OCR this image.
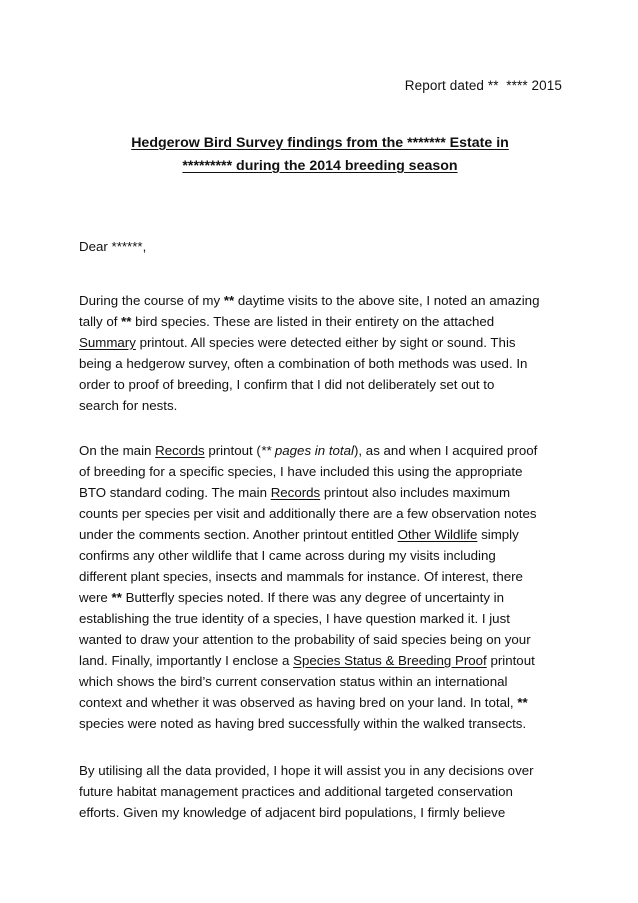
Report dated **  **** 2015
Hedgerow Bird Survey findings from the ******* Estate in
********* during the 2014 breeding season
Dear ******,
During the course of my ** daytime visits to the above site, I noted an amazing
tally of ** bird species. These are listed in their entirety on the attached
Summary printout. All species were detected either by sight or sound. This
being a hedgerow survey, often a combination of both methods was used. In
order to proof of breeding, I confirm that I did not deliberately set out to
search for nests.
On the main Records printout (** pages in total), as and when I acquired proof
of breeding for a specific species, I have included this using the appropriate
BTO standard coding. The main Records printout also includes maximum
counts per species per visit and additionally there are a few observation notes
under the comments section. Another printout entitled Other Wildlife simply
confirms any other wildlife that I came across during my visits including
different plant species, insects and mammals for instance. Of interest, there
were ** Butterfly species noted. If there was any degree of uncertainty in
establishing the true identity of a species, I have question marked it. I just
wanted to draw your attention to the probability of said species being on your
land. Finally, importantly I enclose a Species Status & Breeding Proof printout
which shows the bird’s current conservation status within an international
context and whether it was observed as having bred on your land. In total, **
species were noted as having bred successfully within the walked transects.
By utilising all the data provided, I hope it will assist you in any decisions over
future habitat management practices and additional targeted conservation
efforts. Given my knowledge of adjacent bird populations, I firmly believe
